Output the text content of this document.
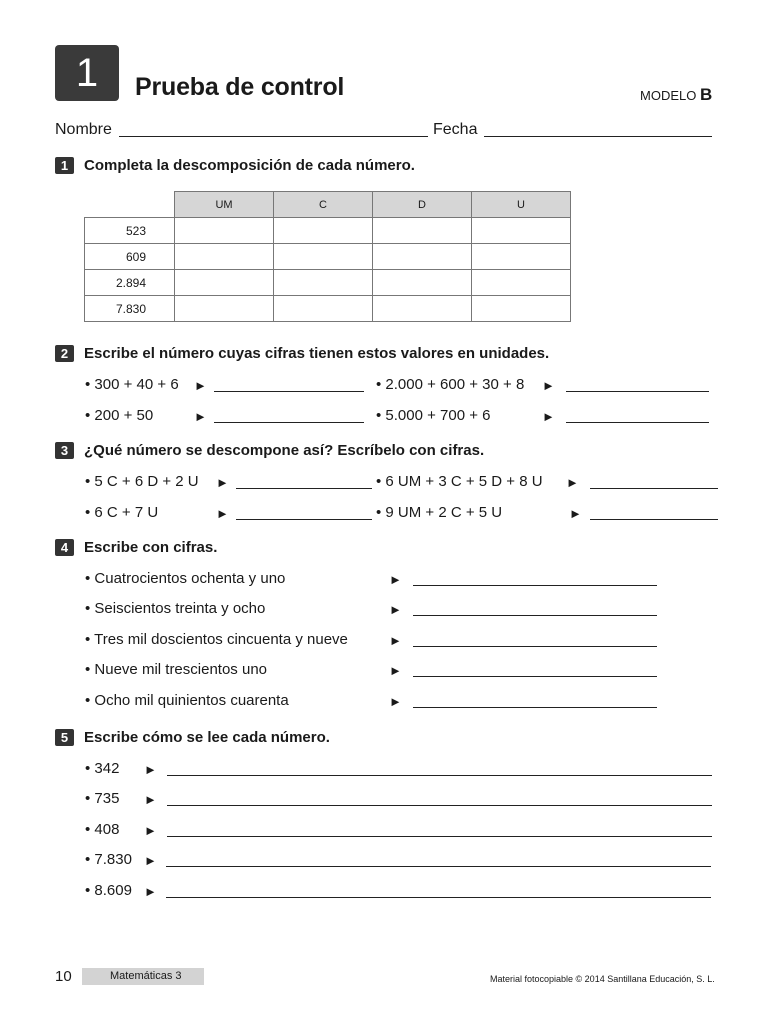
1	Prueba de control	MODELO B
Nombre	Fecha
1	Completa la descomposición de cada número.
	UM	C	D	U
523				
609				
2.894				
7.830				
2	Escribe el número cuyas cifras tienen estos valores en unidades.
• 300 + 40 + 6 ►	• 2.000 + 600 + 30 + 8 ►
• 200 + 50	►	• 5.000 + 700 + 6	►
3	¿Qué número se descompone así? Escríbelo con cifras.
• 5 C + 6 D + 2 U ►	• 6 UM + 3 C + 5 D + 8 U ►
• 6 C + 7 U	►	• 9 UM + 2 C + 5 U	►
4	Escribe con cifras.
• Cuatrocientos ochenta y uno	►
• Seiscientos treinta y ocho	►
• Tres mil doscientos cincuenta y nueve	►
• Nueve mil trescientos uno	►
• Ocho mil quinientos cuarenta	►
5	Escribe cómo se lee cada número.
• 342 ►
• 735 ►
• 408 ►
• 7.830 ►
• 8.609 ►
10	Matemáticas 3	Material fotocopiable © 2014 Santillana Educación, S. L.
